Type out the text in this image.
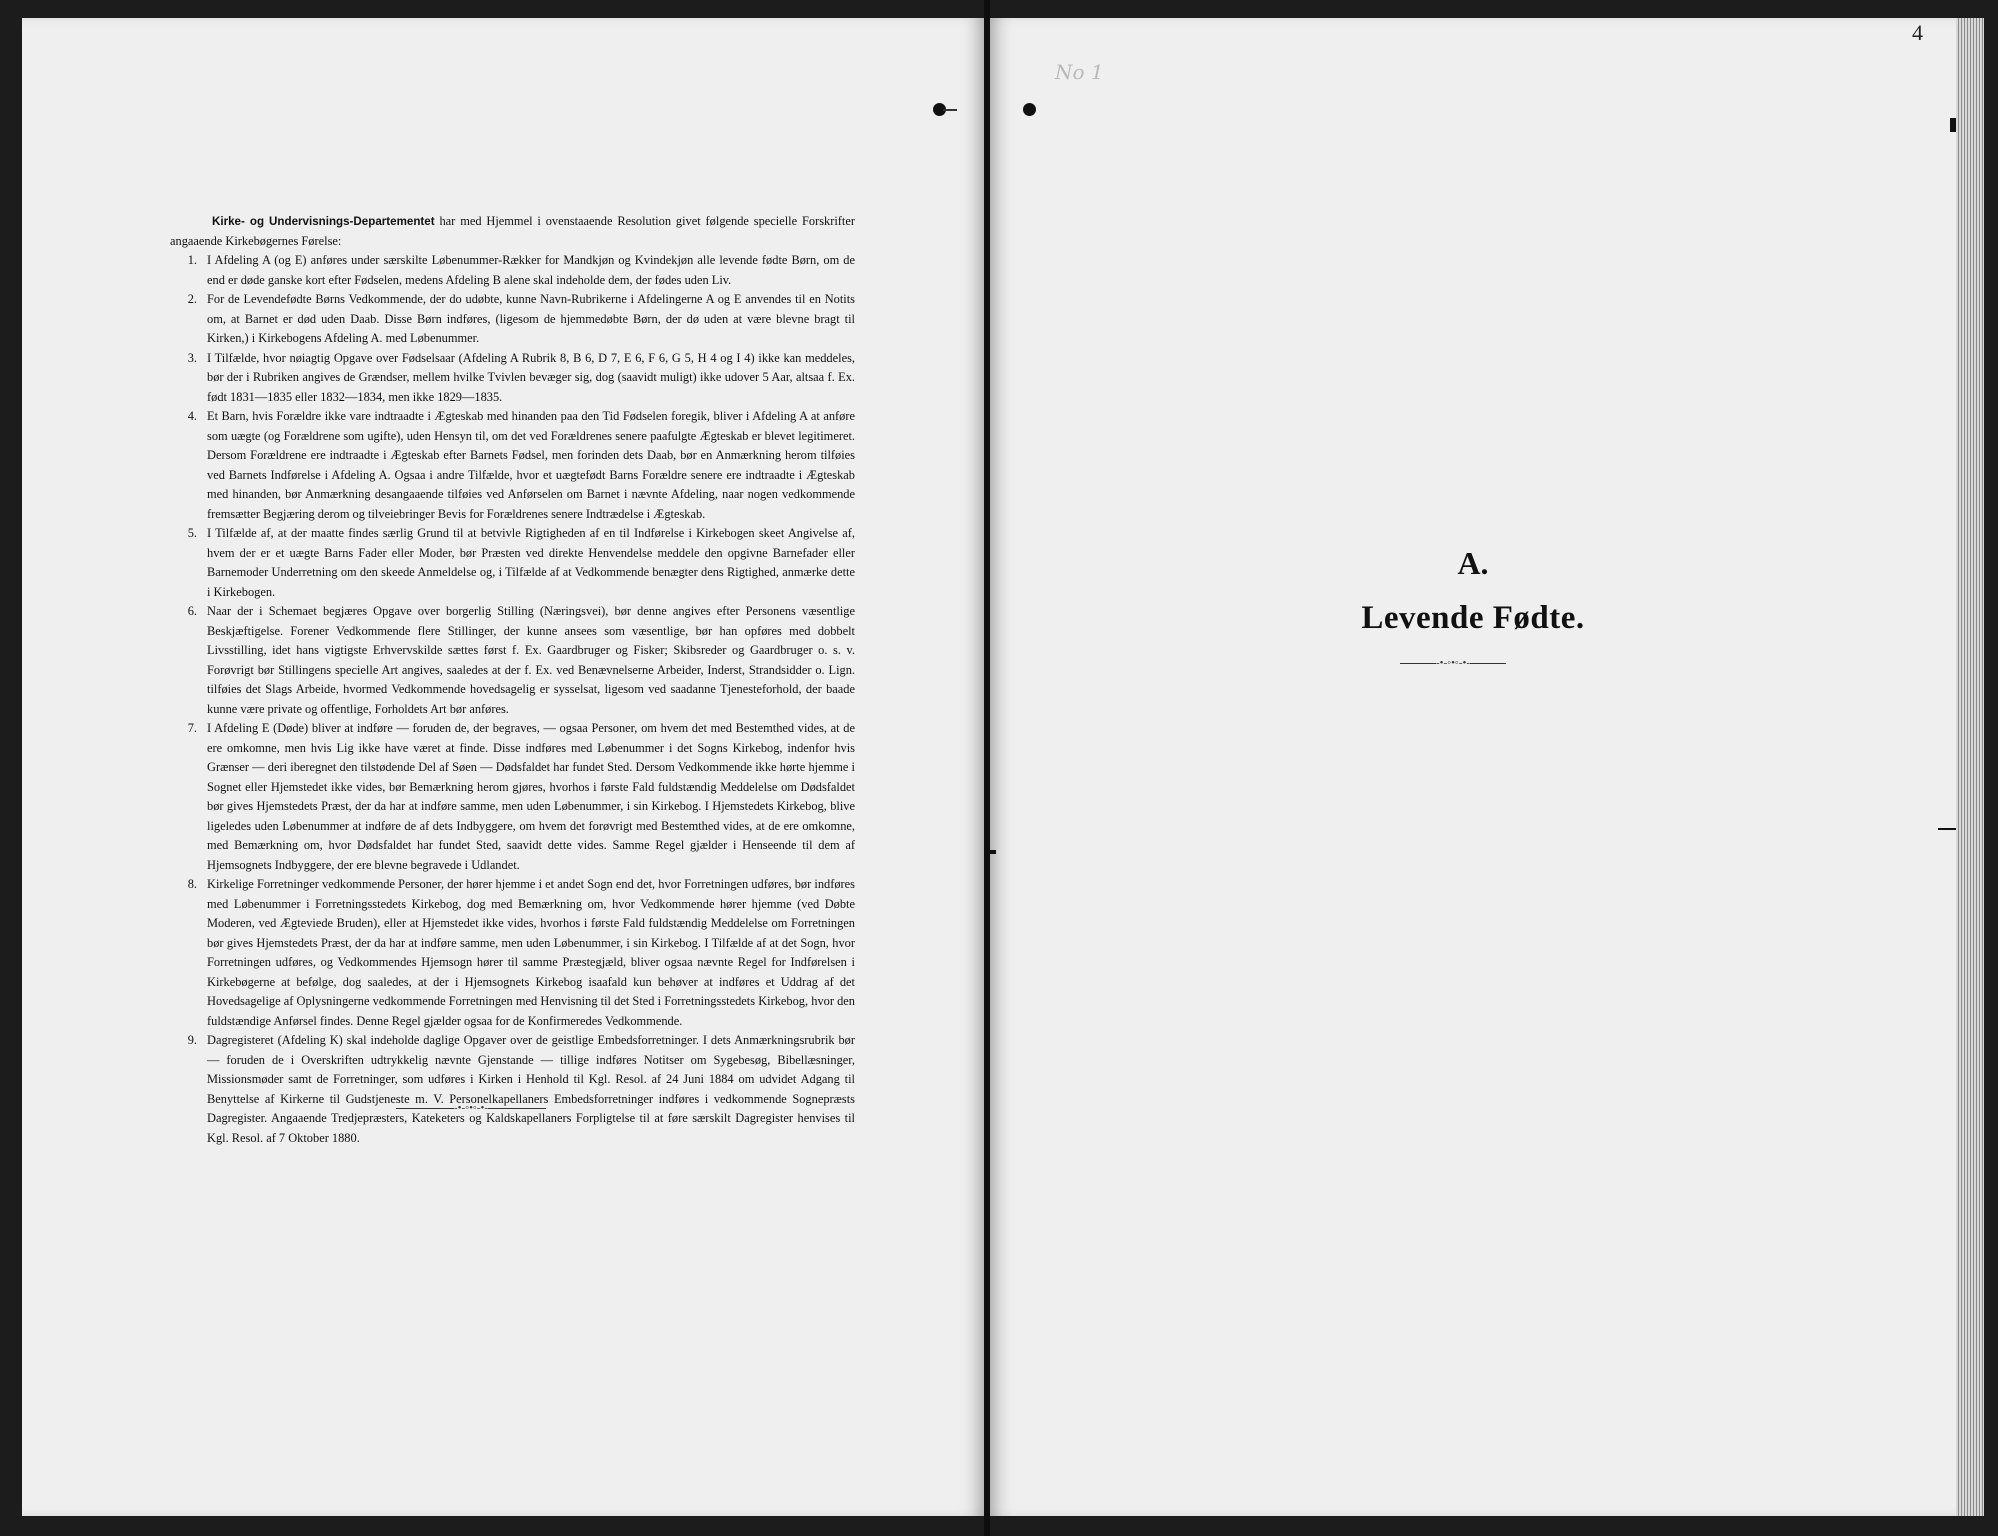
No 1
4

Kirke- og Undervisnings-Departementet har med Hjemmel i ovenstaaende Resolution givet følgende specielle Forskrifter angaaende Kirkebøgernes Førelse:

1. I Afdeling A (og E) anføres under særskilte Løbenummer-Rækker for Mandkjøn og Kvindekjøn alle levende fødte Børn, om de end er døde ganske kort efter Fødselen, medens Afdeling B alene skal indeholde dem, der fødes uden Liv.
2. For de Levendefødte Børns Vedkommende, der do udøbte, kunne Navn-Rubrikerne i Afdelingerne A og E anvendes til en Notits om, at Barnet er død uden Daab. Disse Børn indføres, (ligesom de hjemmedøbte Børn, der dø uden at være blevne bragt til Kirken,) i Kirkebogens Afdeling A. med Løbenummer.
3. I Tilfælde, hvor nøiagtig Opgave over Fødselsaar (Afdeling A Rubrik 8, B 6, D 7, E 6, F 6, G 5, H 4 og I 4) ikke kan meddeles, bør der i Rubriken angives de Grændser, mellem hvilke Tvivlen bevæger sig, dog (saavidt muligt) ikke udover 5 Aar, altsaa f. Ex. født 1831—1835 eller 1832—1834, men ikke 1829—1835.
4. Et Barn, hvis Forældre ikke vare indtraadte i Ægteskab med hinanden paa den Tid Fødselen foregik, bliver i Afdeling A at anføre som uægte (og Forældrene som ugifte), uden Hensyn til, om det ved Forældrenes senere paafulgte Ægteskab er blevet legitimeret. Dersom Forældrene ere indtraadte i Ægteskab efter Barnets Fødsel, men forinden dets Daab, bør en Anmærkning herom tilføies ved Barnets Indførelse i Afdeling A. Ogsaa i andre Tilfælde, hvor et uægtefødt Barns Forældre senere ere indtraadte i Ægteskab med hinanden, bør Anmærkning desangaaende tilføies ved Anførselen om Barnet i nævnte Afdeling, naar nogen vedkommende fremsætter Begjæring derom og tilveiebringer Bevis for Forældrenes senere Indtrædelse i Ægteskab.
5. I Tilfælde af, at der maatte findes særlig Grund til at betvivle Rigtigheden af en til Indførelse i Kirkebogen skeet Angivelse af, hvem der er et uægte Barns Fader eller Moder, bør Præsten ved direkte Henvendelse meddele den opgivne Barnefader eller Barnemoder Underretning om den skeede Anmeldelse og, i Tilfælde af at Vedkommende benægter dens Rigtighed, anmærke dette i Kirkebogen.
6. Naar der i Schemaet begjæres Opgave over borgerlig Stilling (Næringsvei), bør denne angives efter Personens væsentlige Beskjæftigelse. Forener Vedkommende flere Stillinger, der kunne ansees som væsentlige, bør han opføres med dobbelt Livsstilling, idet hans vigtigste Erhvervskilde sættes først f. Ex. Gaardbruger og Fisker; Skibsreder og Gaardbruger o. s. v. Forøvrigt bør Stillingens specielle Art angives, saaledes at der f. Ex. ved Benævnelserne Arbeider, Inderst, Strandsidder o. Lign. tilføies det Slags Arbeide, hvormed Vedkommende hovedsagelig er sysselsat, ligesom ved saadanne Tjenesteforhold, der baade kunne være private og offentlige, Forholdets Art bør anføres.
7. I Afdeling E (Døde) bliver at indføre — foruden de, der begraves, — ogsaa Personer, om hvem det med Bestemthed vides, at de ere omkomne, men hvis Lig ikke have været at finde. Disse indføres med Løbenummer i det Sogns Kirkebog, indenfor hvis Grænser — deri iberegnet den tilstødende Del af Søen — Dødsfaldet har fundet Sted. Dersom Vedkommende ikke hørte hjemme i Sognet eller Hjemstedet ikke vides, bør Bemærkning herom gjøres, hvorhos i første Fald fuldstændig Meddelelse om Dødsfaldet bør gives Hjemstedets Præst, der da har at indføre samme, men uden Løbenummer, i sin Kirkebog. I Hjemstedets Kirkebog, blive ligeledes uden Løbenummer at indføre de af dets Indbyggere, om hvem det forøvrigt med Bestemthed vides, at de ere omkomne, med Bemærkning om, hvor Dødsfaldet har fundet Sted, saavidt dette vides. Samme Regel gjælder i Henseende til dem af Hjemsognets Indbyggere, der ere blevne begravede i Udlandet.
8. Kirkelige Forretninger vedkommende Personer, der hører hjemme i et andet Sogn end det, hvor Forretningen udføres, bør indføres med Løbenummer i Forretningsstedets Kirkebog, dog med Bemærkning om, hvor Vedkommende hører hjemme (ved Døbte Moderen, ved Ægteviede Bruden), eller at Hjemstedet ikke vides, hvorhos i første Fald fuldstændig Meddelelse om Forretningen bør gives Hjemstedets Præst, der da har at indføre samme, men uden Løbenummer, i sin Kirkebog. I Tilfælde af at det Sogn, hvor Forretningen udføres, og Vedkommendes Hjemsogn hører til samme Præstegjæld, bliver ogsaa nævnte Regel for Indførelsen i Kirkebøgerne at befølge, dog saaledes, at der i Hjemsognets Kirkebog isaafald kun behøver at indføres et Uddrag af det Hovedsagelige af Oplysningerne vedkommende Forretningen med Henvisning til det Sted i Forretningsstedets Kirkebog, hvor den fuldstændige Anførsel findes. Denne Regel gjælder ogsaa for de Konfirmeredes Vedkommende.
9. Dagregisteret (Afdeling K) skal indeholde daglige Opgaver over de geistlige Embedsforretninger. I dets Anmærkningsrubrik bør — foruden de i Overskriften udtrykkelig nævnte Gjenstande — tillige indføres Notitser om Sygebesøg, Bibellæsninger, Missionsmøder samt de Forretninger, som udføres i Kirken i Henhold til Kgl. Resol. af 24 Juni 1884 om udvidet Adgang til Benyttelse af Kirkerne til Gudstjeneste m. V. Personelkapellaners Embedsforretninger indføres i vedkommende Sognepræsts Dagregister. Angaaende Tredjepræsters, Kateketers og Kaldskapellaners Forpligtelse til at føre særskilt Dagregister henvises til Kgl. Resol. af 7 Oktober 1880.
-•-◦•◦-•-
A.
Levende Fødte.
-•-◦•◦-•-
